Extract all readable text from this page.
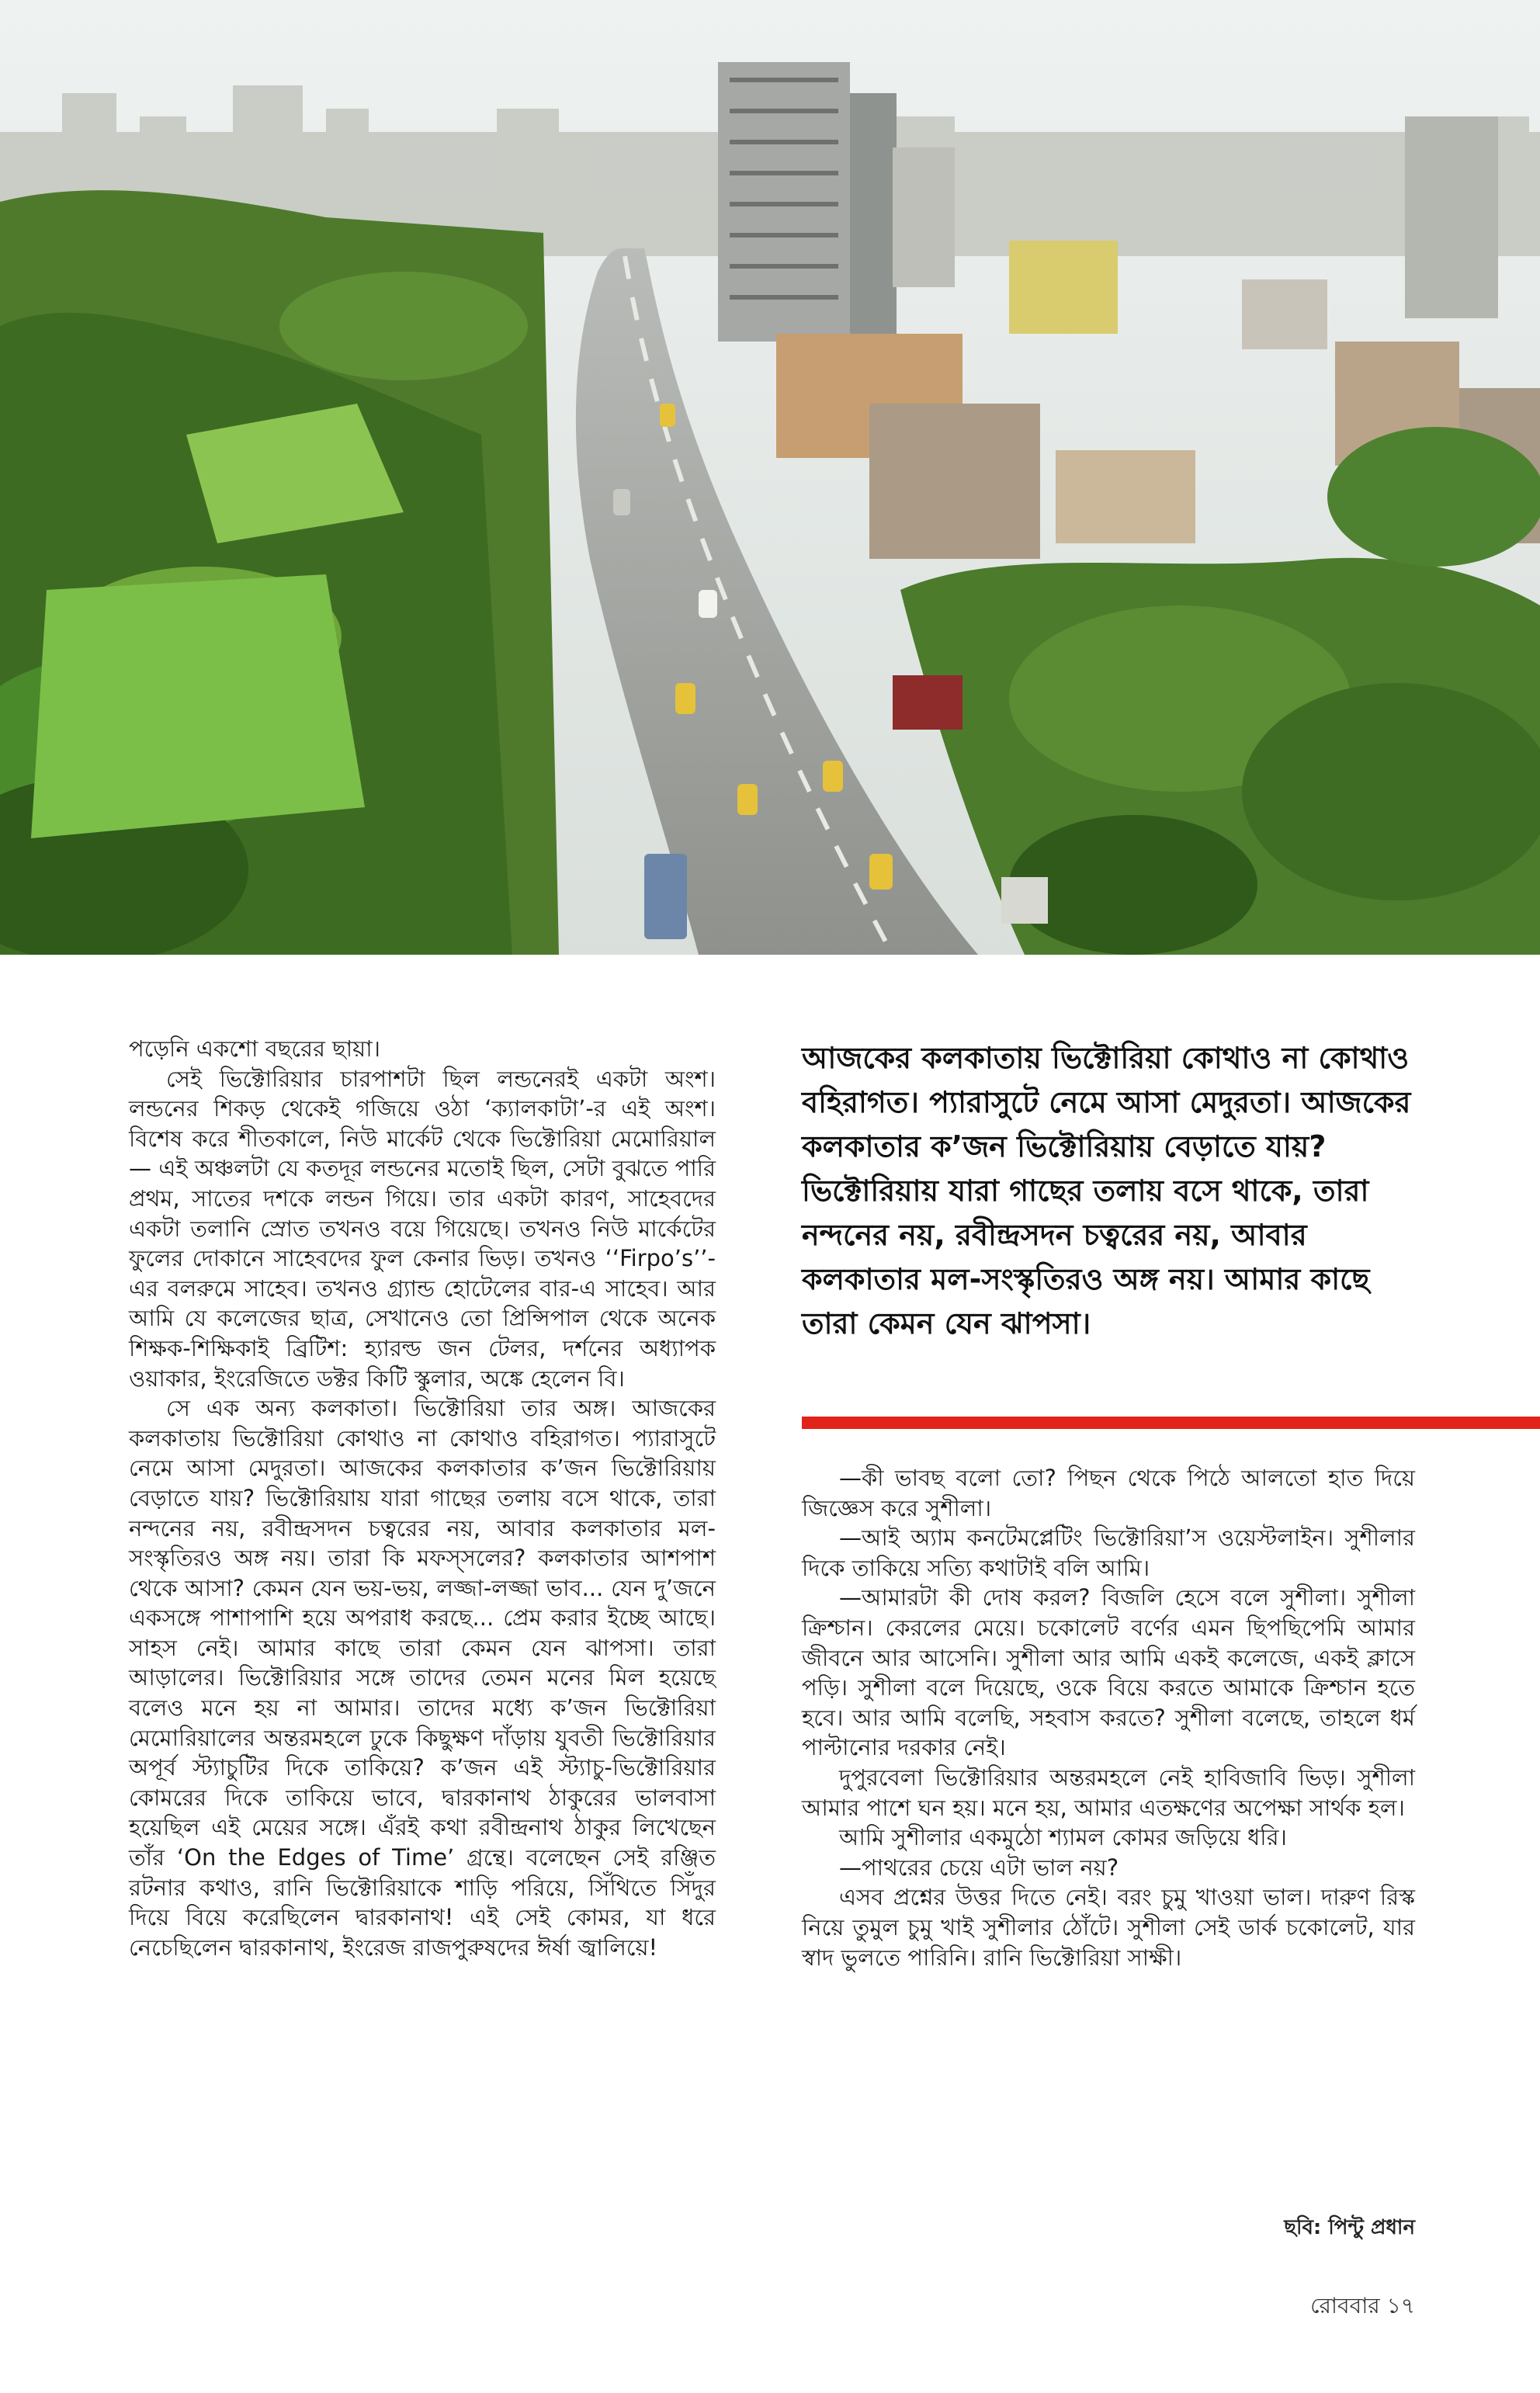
পড়েনি একশো বছরের ছায়া।

সেই ভিক্টোরিয়ার চারপাশটা ছিল লন্ডনেরই একটা অংশ। লন্ডনের শিকড় থেকেই গজিয়ে ওঠা ‘ক্যালকাটা’-র এই অংশ। বিশেষ করে শীতকালে, নিউ মার্কেট থেকে ভিক্টোরিয়া মেমোরিয়াল— এই অঞ্চলটা যে কতদূর লন্ডনের মতোই ছিল, সেটা বুঝতে পারি প্রথম, সাতের দশকে লন্ডন গিয়ে। তার একটা কারণ, সাহেবদের একটা তলানি স্রোত তখনও বয়ে গিয়েছে। তখনও নিউ মার্কেটের ফুলের দোকানে সাহেবদের ফুল কেনার ভিড়। তখনও ‘‘Firpo’s’’-এর বলরুমে সাহেব। তখনও গ্র্যান্ড হোটেলের বার-এ সাহেব। আর আমি যে কলেজের ছাত্র, সেখানেও তো প্রিন্সিপাল থেকে অনেক শিক্ষক-শিক্ষিকাই ব্রিটিশ: হ্যারল্ড জন টেলর, দর্শনের অধ্যাপক ওয়াকার, ইংরেজিতে ডক্টর কিটি স্কুলার, অঙ্কে হেলেন বি।

সে এক অন্য কলকাতা। ভিক্টোরিয়া তার অঙ্গ। আজকের কলকাতায় ভিক্টোরিয়া কোথাও না কোথাও বহিরাগত। প্যারাসুটে নেমে আসা মেদুরতা। আজকের কলকাতার ক’জন ভিক্টোরিয়ায় বেড়াতে যায়? ভিক্টোরিয়ায় যারা গাছের তলায় বসে থাকে, তারা নন্দনের নয়, রবীন্দ্রসদন চত্বরের নয়, আবার কলকাতার মল-সংস্কৃতিরও অঙ্গ নয়। তারা কি মফস্সলের? কলকাতার আশপাশ থেকে আসা? কেমন যেন ভয়-ভয়, লজ্জা-লজ্জা ভাব... যেন দু’জনে একসঙ্গে পাশাপাশি হয়ে অপরাধ করছে... প্রেম করার ইচ্ছে আছে। সাহস নেই। আমার কাছে তারা কেমন যেন ঝাপসা। তারা আড়ালের। ভিক্টোরিয়ার সঙ্গে তাদের তেমন মনের মিল হয়েছে বলেও মনে হয় না আমার। তাদের মধ্যে ক’জন ভিক্টোরিয়া মেমোরিয়ালের অন্তরমহলে ঢুকে কিছুক্ষণ দাঁড়ায় যুবতী ভিক্টোরিয়ার অপূর্ব স্ট্যাচুটির দিকে তাকিয়ে? ক’জন এই স্ট্যাচু-ভিক্টোরিয়ার কোমরের দিকে তাকিয়ে ভাবে, দ্বারকানাথ ঠাকুরের ভালবাসা হয়েছিল এই মেয়ের সঙ্গে। এঁরই কথা রবীন্দ্রনাথ ঠাকুর লিখেছেন তাঁর ‘On the Edges of Time’ গ্রন্থে। বলেছেন সেই রঞ্জিত রটনার কথাও, রানি ভিক্টোরিয়াকে শাড়ি পরিয়ে, সিঁথিতে সিঁদুর দিয়ে বিয়ে করেছিলেন দ্বারকানাথ! এই সেই কোমর, যা ধরে নেচেছিলেন দ্বারকানাথ, ইংরেজ রাজপুরুষদের ঈর্ষা জ্বালিয়ে!

আজকের কলকাতায় ভিক্টোরিয়া কোথাও না কোথাও বহিরাগত। প্যারাসুটে নেমে আসা মেদুরতা। আজকের কলকাতার ক’জন ভিক্টোরিয়ায় বেড়াতে যায়? ভিক্টোরিয়ায় যারা গাছের তলায় বসে থাকে, তারা নন্দনের নয়, রবীন্দ্রসদন চত্বরের নয়, আবার কলকাতার মল-সংস্কৃতিরও অঙ্গ নয়। আমার কাছে তারা কেমন যেন ঝাপসা।

—কী ভাবছ বলো তো? পিছন থেকে পিঠে আলতো হাত দিয়ে জিজ্ঞেস করে সুশীলা।

—আই অ্যাম কনটেমপ্লেটিং ভিক্টোরিয়া’স ওয়েস্টলাইন। সুশীলার দিকে তাকিয়ে সত্যি কথাটাই বলি আমি।

—আমারটা কী দোষ করল? বিজলি হেসে বলে সুশীলা। সুশীলা ক্রিশ্চান। কেরলের মেয়ে। চকোলেট বর্ণের এমন ছিপছিপেমি আমার জীবনে আর আসেনি। সুশীলা আর আমি একই কলেজে, একই ক্লাসে পড়ি। সুশীলা বলে দিয়েছে, ওকে বিয়ে করতে আমাকে ক্রিশ্চান হতে হবে। আর আমি বলেছি, সহবাস করতে? সুশীলা বলেছে, তাহলে ধর্ম পাল্টানোর দরকার নেই।

দুপুরবেলা ভিক্টোরিয়ার অন্তরমহলে নেই হাবিজাবি ভিড়। সুশীলা আমার পাশে ঘন হয়। মনে হয়, আমার এতক্ষণের অপেক্ষা সার্থক হল।

আমি সুশীলার একমুঠো শ্যামল কোমর জড়িয়ে ধরি।

—পাথরের চেয়ে এটা ভাল নয়?

এসব প্রশ্নের উত্তর দিতে নেই। বরং চুমু খাওয়া ভাল। দারুণ রিস্ক নিয়ে তুমুল চুমু খাই সুশীলার ঠোঁটে। সুশীলা সেই ডার্ক চকোলেট, যার স্বাদ ভুলতে পারিনি। রানি ভিক্টোরিয়া সাক্ষী।

ছবি: পিন্টু প্রধান
রোববার ১৭
